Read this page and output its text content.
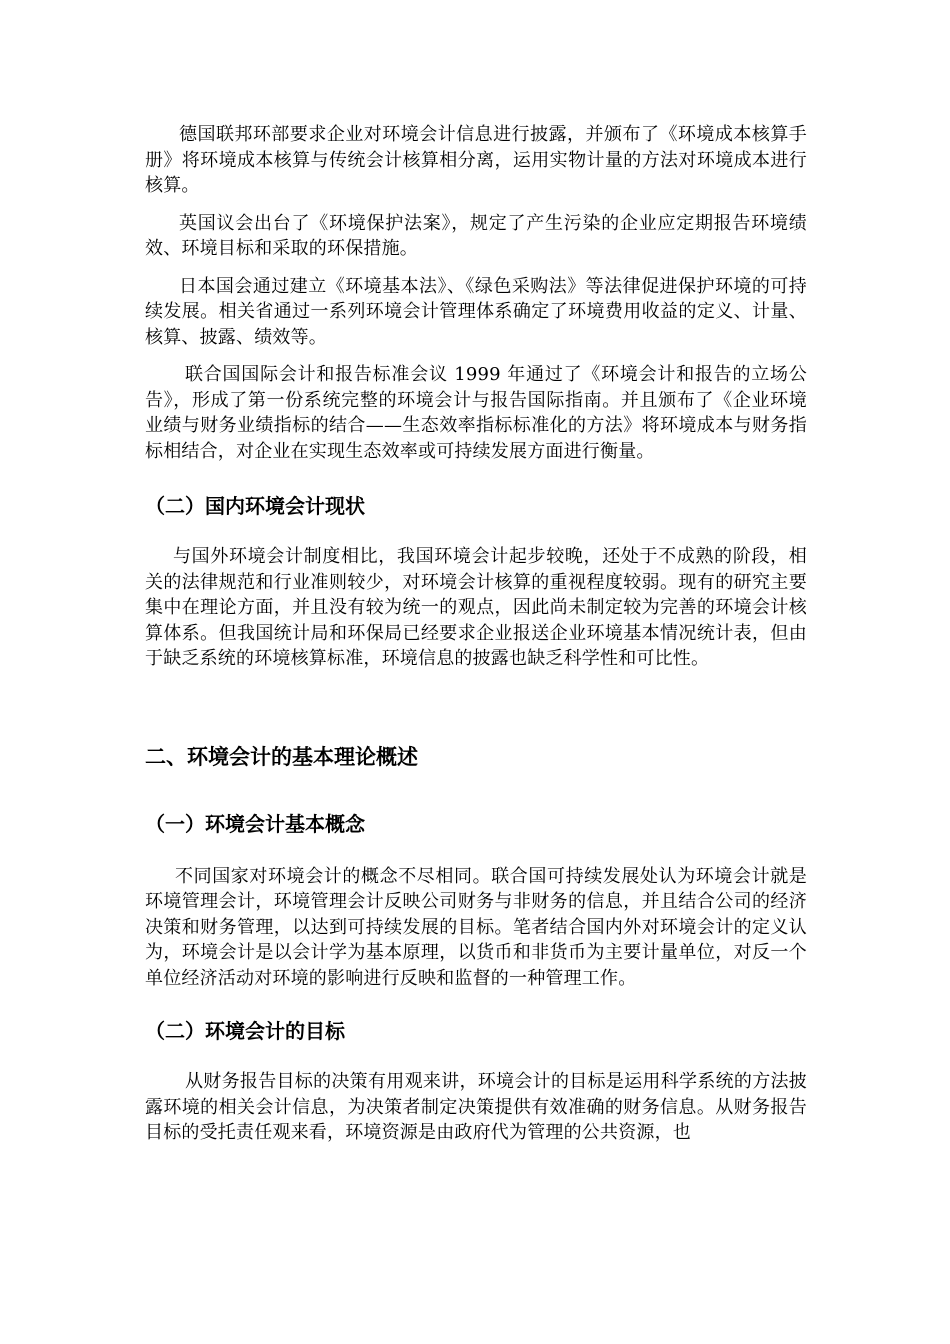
德国联邦环部要求企业对环境会计信息进行披露，并颁布了《环境成本核算手册》将环境成本核算与传统会计核算相分离，运用实物计量的方法对环境成本进行核算。

英国议会出台了《环境保护法案》，规定了产生污染的企业应定期报告环境绩效、环境目标和采取的环保措施。

日本国会通过建立《环境基本法》、《绿色采购法》等法律促进保护环境的可持续发展。相关省通过一系列环境会计管理体系确定了环境费用收益的定义、计量、核算、披露、绩效等。

联合国国际会计和报告标准会议 1999 年通过了《环境会计和报告的立场公告》，形成了第一份系统完整的环境会计与报告国际指南。并且颁布了《企业环境业绩与财务业绩指标的结合——生态效率指标标准化的方法》将环境成本与财务指标相结合，对企业在实现生态效率或可持续发展方面进行衡量。

（二）国内环境会计现状

与国外环境会计制度相比，我国环境会计起步较晚，还处于不成熟的阶段，相关的法律规范和行业准则较少，对环境会计核算的重视程度较弱。现有的研究主要集中在理论方面，并且没有较为统一的观点，因此尚未制定较为完善的环境会计核算体系。但我国统计局和环保局已经要求企业报送企业环境基本情况统计表，但由于缺乏系统的环境核算标准，环境信息的披露也缺乏科学性和可比性。

二、环境会计的基本理论概述
（一）环境会计基本概念

不同国家对环境会计的概念不尽相同。联合国可持续发展处认为环境会计就是环境管理会计，环境管理会计反映公司财务与非财务的信息，并且结合公司的经济决策和财务管理，以达到可持续发展的目标。笔者结合国内外对环境会计的定义认为，环境会计是以会计学为基本原理，以货币和非货币为主要计量单位，对反一个单位经济活动对环境的影响进行反映和监督的一种管理工作。

（二）环境会计的目标

从财务报告目标的决策有用观来讲，环境会计的目标是运用科学系统的方法披露环境的相关会计信息，为决策者制定决策提供有效准确的财务信息。从财务报告目标的受托责任观来看，环境资源是由政府代为管理的公共资源，也
